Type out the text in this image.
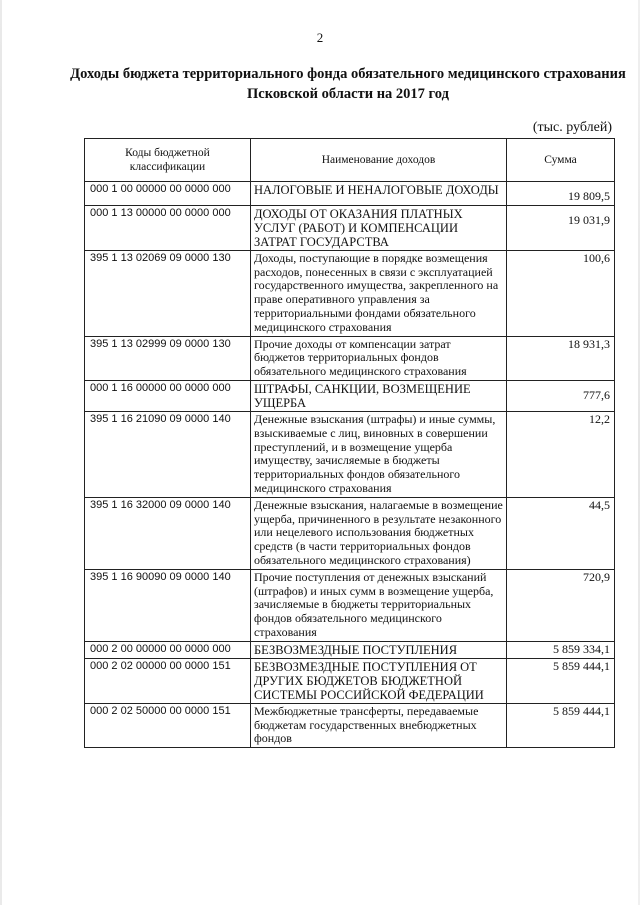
2
Доходы бюджета территориального фонда обязательного медицинского страхования Псковской области на 2017 год
(тыс. рублей)
Коды бюджетной классификации	Наименование доходов	Сумма
000 1 00 00000 00 0000 000	НАЛОГОВЫЕ И НЕНАЛОГОВЫЕ ДОХОДЫ	19 809,5
000 1 13 00000 00 0000 000	ДОХОДЫ ОТ ОКАЗАНИЯ ПЛАТНЫХ УСЛУГ (РАБОТ) И КОМПЕНСАЦИИ ЗАТРАТ ГОСУДАРСТВА	19 031,9
395 1 13 02069 09 0000 130	Доходы, поступающие в порядке возмещения расходов, понесенных в связи с эксплуатацией государственного имущества, закрепленного на праве оперативного управления за территориальными фондами обязательного медицинского страхования	100,6
395 1 13 02999 09 0000 130	Прочие доходы от компенсации затрат бюджетов территориальных фондов обязательного медицинского страхования	18 931,3
000 1 16 00000 00 0000 000	ШТРАФЫ, САНКЦИИ, ВОЗМЕЩЕНИЕ УЩЕРБА	777,6
395 1 16 21090 09 0000 140	Денежные взыскания (штрафы) и иные суммы, взыскиваемые с лиц, виновных в совершении преступлений, и в возмещение ущерба имуществу, зачисляемые в бюджеты территориальных фондов обязательного медицинского страхования	12,2
395 1 16 32000 09 0000 140	Денежные взыскания, налагаемые в возмещение ущерба, причиненного в результате незаконного или нецелевого использования бюджетных средств (в части территориальных фондов обязательного медицинского страхования)	44,5
395 1 16 90090 09 0000 140	Прочие поступления от денежных взысканий (штрафов) и иных сумм в возмещение ущерба, зачисляемые в бюджеты территориальных фондов обязательного медицинского страхования	720,9
000 2 00 00000 00 0000 000	БЕЗВОЗМЕЗДНЫЕ ПОСТУПЛЕНИЯ	5 859 334,1
000 2 02 00000 00 0000 151	БЕЗВОЗМЕЗДНЫЕ ПОСТУПЛЕНИЯ ОТ ДРУГИХ БЮДЖЕТОВ БЮДЖЕТНОЙ СИСТЕМЫ РОССИЙСКОЙ ФЕДЕРАЦИИ	5 859 444,1
000 2 02 50000 00 0000 151	Межбюджетные трансферты, передаваемые бюджетам государственных внебюджетных фондов	5 859 444,1
